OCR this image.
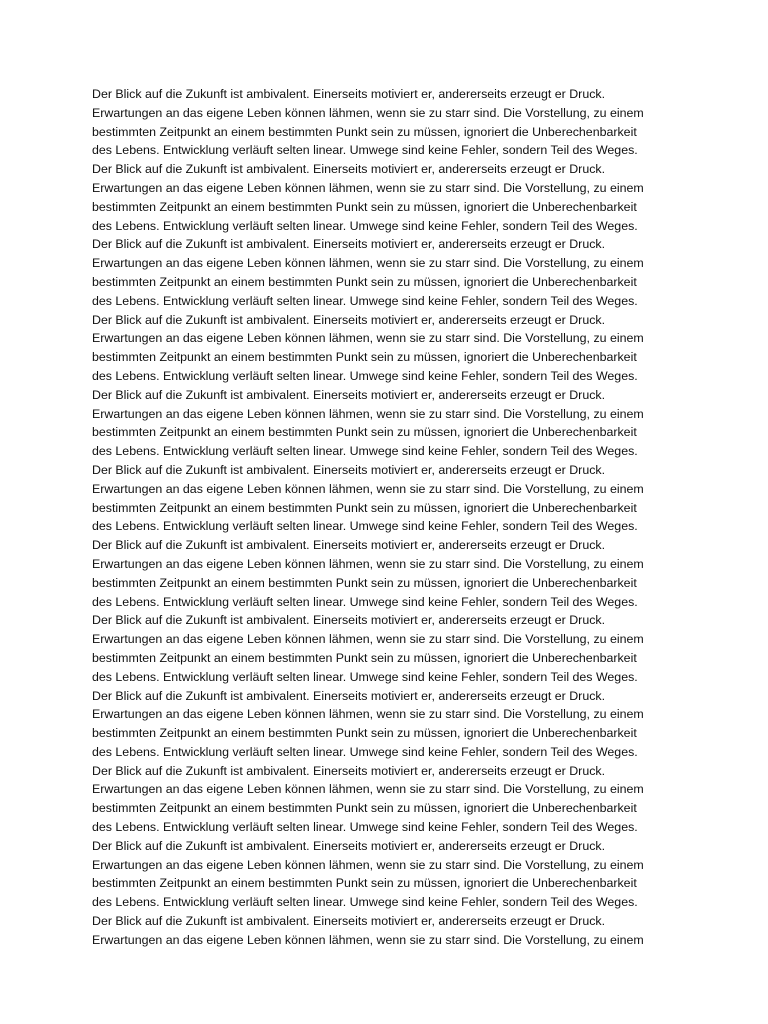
Der Blick auf die Zukunft ist ambivalent. Einerseits motiviert er, andererseits erzeugt er Druck.
Erwartungen an das eigene Leben können lähmen, wenn sie zu starr sind. Die Vorstellung, zu einem
bestimmten Zeitpunkt an einem bestimmten Punkt sein zu müssen, ignoriert die Unberechenbarkeit
des Lebens. Entwicklung verläuft selten linear. Umwege sind keine Fehler, sondern Teil des Weges.
Der Blick auf die Zukunft ist ambivalent. Einerseits motiviert er, andererseits erzeugt er Druck.
Erwartungen an das eigene Leben können lähmen, wenn sie zu starr sind. Die Vorstellung, zu einem
bestimmten Zeitpunkt an einem bestimmten Punkt sein zu müssen, ignoriert die Unberechenbarkeit
des Lebens. Entwicklung verläuft selten linear. Umwege sind keine Fehler, sondern Teil des Weges.
Der Blick auf die Zukunft ist ambivalent. Einerseits motiviert er, andererseits erzeugt er Druck.
Erwartungen an das eigene Leben können lähmen, wenn sie zu starr sind. Die Vorstellung, zu einem
bestimmten Zeitpunkt an einem bestimmten Punkt sein zu müssen, ignoriert die Unberechenbarkeit
des Lebens. Entwicklung verläuft selten linear. Umwege sind keine Fehler, sondern Teil des Weges.
Der Blick auf die Zukunft ist ambivalent. Einerseits motiviert er, andererseits erzeugt er Druck.
Erwartungen an das eigene Leben können lähmen, wenn sie zu starr sind. Die Vorstellung, zu einem
bestimmten Zeitpunkt an einem bestimmten Punkt sein zu müssen, ignoriert die Unberechenbarkeit
des Lebens. Entwicklung verläuft selten linear. Umwege sind keine Fehler, sondern Teil des Weges.
Der Blick auf die Zukunft ist ambivalent. Einerseits motiviert er, andererseits erzeugt er Druck.
Erwartungen an das eigene Leben können lähmen, wenn sie zu starr sind. Die Vorstellung, zu einem
bestimmten Zeitpunkt an einem bestimmten Punkt sein zu müssen, ignoriert die Unberechenbarkeit
des Lebens. Entwicklung verläuft selten linear. Umwege sind keine Fehler, sondern Teil des Weges.
Der Blick auf die Zukunft ist ambivalent. Einerseits motiviert er, andererseits erzeugt er Druck.
Erwartungen an das eigene Leben können lähmen, wenn sie zu starr sind. Die Vorstellung, zu einem
bestimmten Zeitpunkt an einem bestimmten Punkt sein zu müssen, ignoriert die Unberechenbarkeit
des Lebens. Entwicklung verläuft selten linear. Umwege sind keine Fehler, sondern Teil des Weges.
Der Blick auf die Zukunft ist ambivalent. Einerseits motiviert er, andererseits erzeugt er Druck.
Erwartungen an das eigene Leben können lähmen, wenn sie zu starr sind. Die Vorstellung, zu einem
bestimmten Zeitpunkt an einem bestimmten Punkt sein zu müssen, ignoriert die Unberechenbarkeit
des Lebens. Entwicklung verläuft selten linear. Umwege sind keine Fehler, sondern Teil des Weges.
Der Blick auf die Zukunft ist ambivalent. Einerseits motiviert er, andererseits erzeugt er Druck.
Erwartungen an das eigene Leben können lähmen, wenn sie zu starr sind. Die Vorstellung, zu einem
bestimmten Zeitpunkt an einem bestimmten Punkt sein zu müssen, ignoriert die Unberechenbarkeit
des Lebens. Entwicklung verläuft selten linear. Umwege sind keine Fehler, sondern Teil des Weges.
Der Blick auf die Zukunft ist ambivalent. Einerseits motiviert er, andererseits erzeugt er Druck.
Erwartungen an das eigene Leben können lähmen, wenn sie zu starr sind. Die Vorstellung, zu einem
bestimmten Zeitpunkt an einem bestimmten Punkt sein zu müssen, ignoriert die Unberechenbarkeit
des Lebens. Entwicklung verläuft selten linear. Umwege sind keine Fehler, sondern Teil des Weges.
Der Blick auf die Zukunft ist ambivalent. Einerseits motiviert er, andererseits erzeugt er Druck.
Erwartungen an das eigene Leben können lähmen, wenn sie zu starr sind. Die Vorstellung, zu einem
bestimmten Zeitpunkt an einem bestimmten Punkt sein zu müssen, ignoriert die Unberechenbarkeit
des Lebens. Entwicklung verläuft selten linear. Umwege sind keine Fehler, sondern Teil des Weges.
Der Blick auf die Zukunft ist ambivalent. Einerseits motiviert er, andererseits erzeugt er Druck.
Erwartungen an das eigene Leben können lähmen, wenn sie zu starr sind. Die Vorstellung, zu einem
bestimmten Zeitpunkt an einem bestimmten Punkt sein zu müssen, ignoriert die Unberechenbarkeit
des Lebens. Entwicklung verläuft selten linear. Umwege sind keine Fehler, sondern Teil des Weges.
Der Blick auf die Zukunft ist ambivalent. Einerseits motiviert er, andererseits erzeugt er Druck.
Erwartungen an das eigene Leben können lähmen, wenn sie zu starr sind. Die Vorstellung, zu einem
